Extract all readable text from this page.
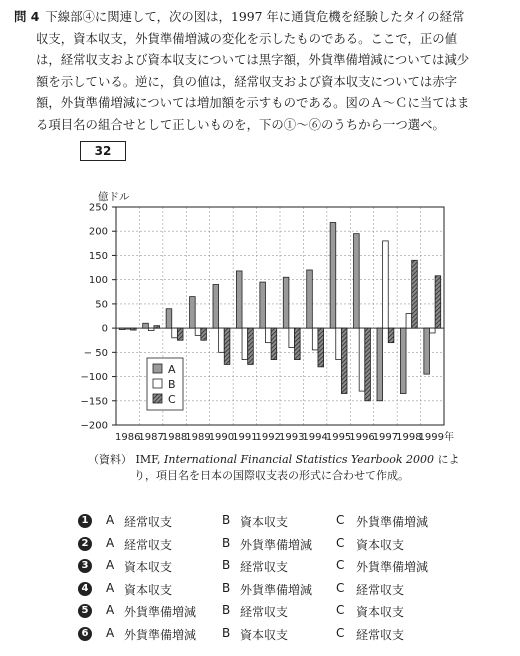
問 4 下線部④に関連して，次の図は，1997 年に通貨危機を経験したタイの経常
収支，資本収支，外貨準備増減の変化を示したものである。ここで，正の値
は，経常収支および資本収支については黒字額，外貨準備増減については減少
額を示している。逆に，負の値は，経常収支および資本収支については赤字
額，外貨準備増減については増加額を示すものである。図のＡ～Ｃに当てはま
る項目名の組合せとして正しいものを，下の①～⑥のうちから一つ選べ。
32
億ドル
250
200
150
100
50
0
− 50
−100
−150
−200
1986
1987
1988
1989
1990
1991
1992
1993
1994
1995
1996
1997
1998
1999年
A
B
C
（資料） IMF, International Financial Statistics Yearbook 2000 によ
り，項目名を日本の国際収支表の形式に合わせて作成。
1 A 経常収支	B 資本収支	C 外貨準備増減
2 A 経常収支	B 外貨準備増減 C 資本収支
3 A 資本収支	B 経常収支	C 外貨準備増減
4 A 資本収支	B 外貨準備増減 C 経常収支
5 A 外貨準備増減 B 経常収支	C 資本収支
6 A 外貨準備増減 B 資本収支	C 経常収支
